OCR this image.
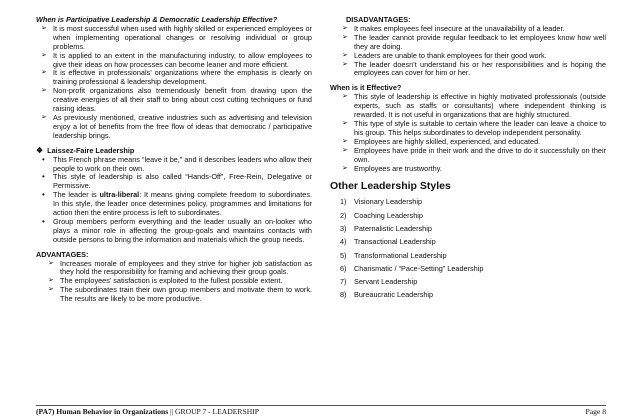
When is Participative Leadership & Democratic Leadership Effective?

➢ It is most successful when used with highly skilled or experienced employees or when implementing operational changes or resolving individual or group problems.
➢ It is applied to an extent in the manufacturing industry, to allow employees to give their ideas on how processes can become leaner and more efficient.
➢ It is effective in professionals’ organizations where the emphasis is clearly on training professional & leadership development.
➢ Non-profit organizations also tremendously benefit from drawing upon the creative energies of all their staff to bring about cost cutting techniques or fund raising ideas.
➢ As previously mentioned, creative industries such as advertising and television enjoy a lot of benefits from the free flow of ideas that democratic / participative leadership brings.
❖ Laissez-Faire Leadership
• This French phrase means “leave it be,” and it describes leaders who allow their people to work on their own.
• This style of leadership is also called “Hands-Off”, Free-Rein, Delegative or Permissive.
• The leader is ultra-liberal: It means giving complete freedom to subordinates. In this style, the leader once determines policy, programmes and limitations for action then the entire process is left to subordinates.
• Group members perform everything and the leader usually an on-looker who plays a minor role in affecting the group-goals and maintains contacts with outside persons to bring the information and materials which the group needs.

ADVANTAGES:

➢ Increases morale of employees and they strive for higher job satisfaction as they hold the responsibility for framing and achieving their group goals.
➢ The employees’ satisfaction is exploited to the fullest possible extent.
➢ The subordinates train their own group members and motivate them to work. The results are likely to be more productive.

DISADVANTAGES:

➢ It makes employees feel insecure at the unavailability of a leader.
➢ The leader cannot provide regular feedback to let employees know how well they are doing.
➢ Leaders are unable to thank employees for their good work.
➢ The leader doesn’t understand his or her responsibilities and is hoping the employees can cover for him or her.

When is it Effective?

➢ This style of leadership is effective in highly motivated professionals (outside experts, such as staffs or consultants) where independent thinking is rewarded. It is not useful in organizations that are highly structured.
➢ This type of style is suitable to certain where the leader can leave a choice to his group. This helps subordinates to develop independent personality.
➢ Employees are highly skilled, experienced, and educated.
➢ Employees have pride in their work and the drive to do it successfully on their own.
➢ Employees are trustworthy.
Other Leadership Styles
1)	Visionary Leadership
2)	Coaching Leadership
3)	Paternalistic Leadership
4)	Transactional Leadership
5)	Transformational Leadership
6)	Charismatic / “Pace-Setting” Leadership
7)	Servant Leadership
8)	Bureaucratic Leadership
(PA7) Human Behavior in Organizations || GROUP 7 - LEADERSHIP	Page 8
